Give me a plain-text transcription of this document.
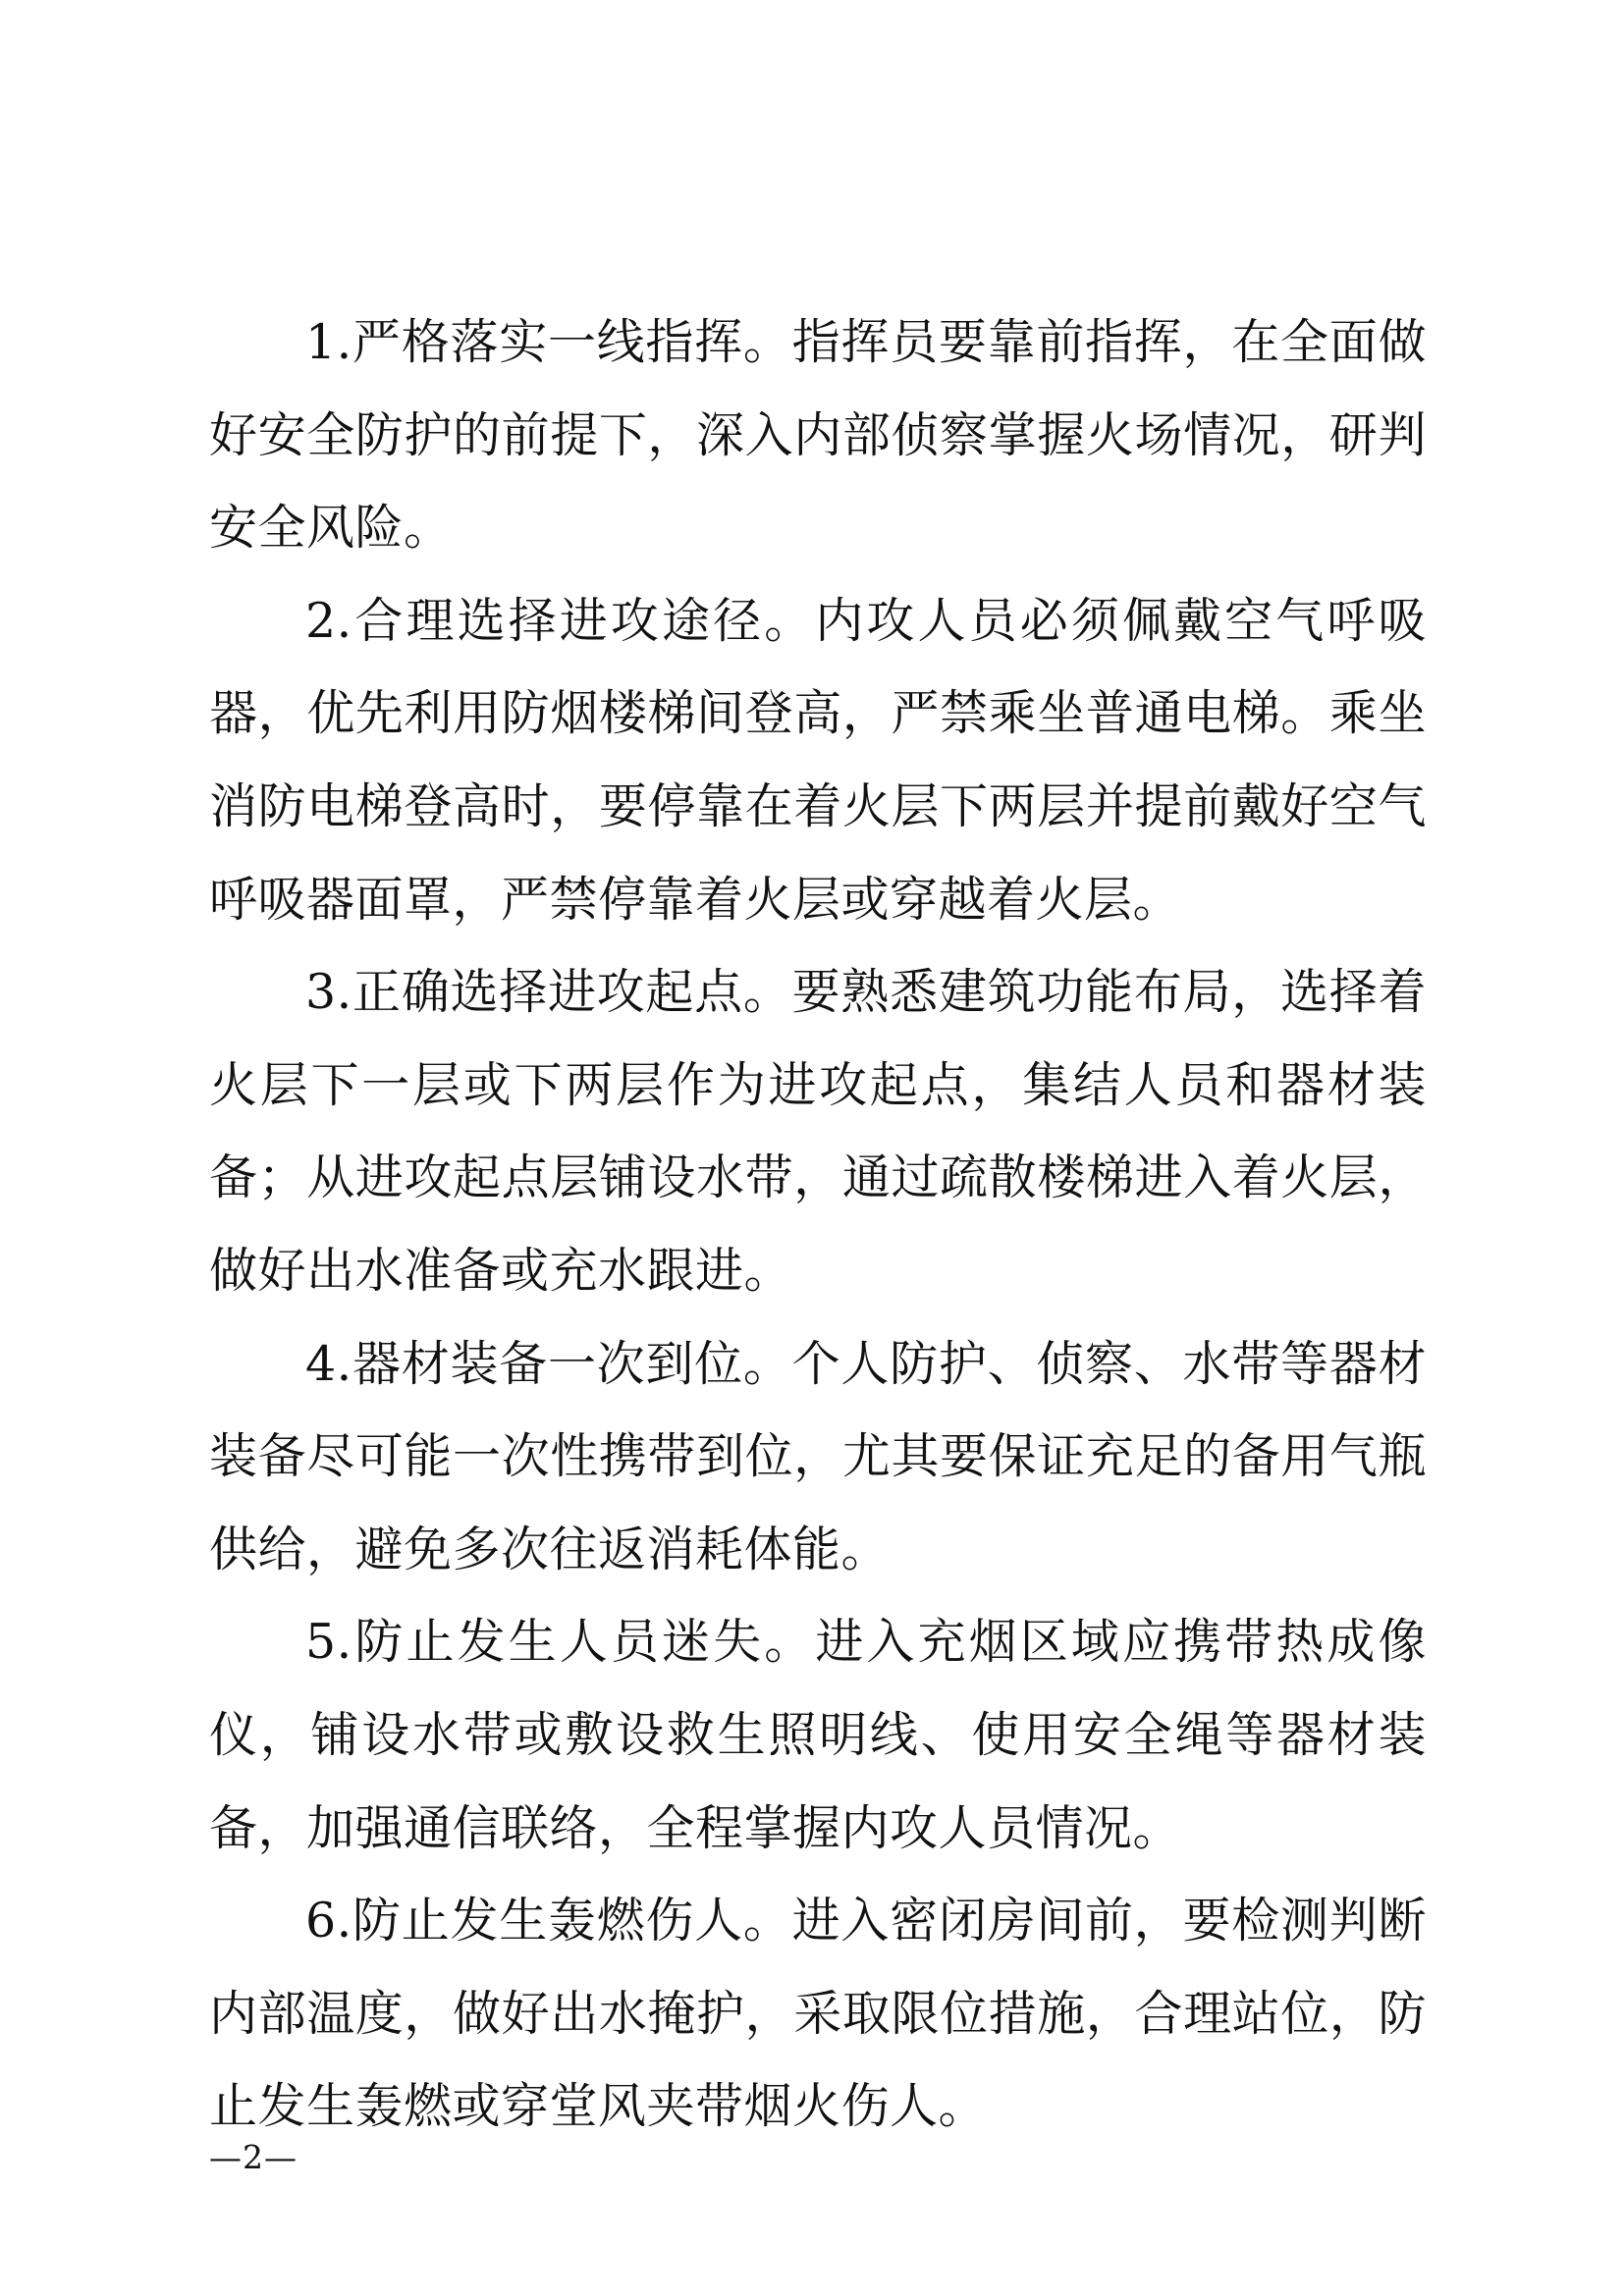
1.严格落实一线指挥。指挥员要靠前指挥，在全面做好安全防护的前提下，深入内部侦察掌握火场情况，研判安全风险。

2.合理选择进攻途径。内攻人员必须佩戴空气呼吸器，优先利用防烟楼梯间登高，严禁乘坐普通电梯。乘坐消防电梯登高时，要停靠在着火层下两层并提前戴好空气呼吸器面罩，严禁停靠着火层或穿越着火层。

3.正确选择进攻起点。要熟悉建筑功能布局，选择着火层下一层或下两层作为进攻起点，集结人员和器材装备；从进攻起点层铺设水带，通过疏散楼梯进入着火层，做好出水准备或充水跟进。

4.器材装备一次到位。个人防护、侦察、水带等器材装备尽可能一次性携带到位，尤其要保证充足的备用气瓶供给，避免多次往返消耗体能。

5.防止发生人员迷失。进入充烟区域应携带热成像仪，铺设水带或敷设救生照明线、使用安全绳等器材装备，加强通信联络，全程掌握内攻人员情况。

6.防止发生轰燃伤人。进入密闭房间前，要检测判断内部温度，做好出水掩护，采取限位措施，合理站位，防止发生轰燃或穿堂风夹带烟火伤人。

—2—
